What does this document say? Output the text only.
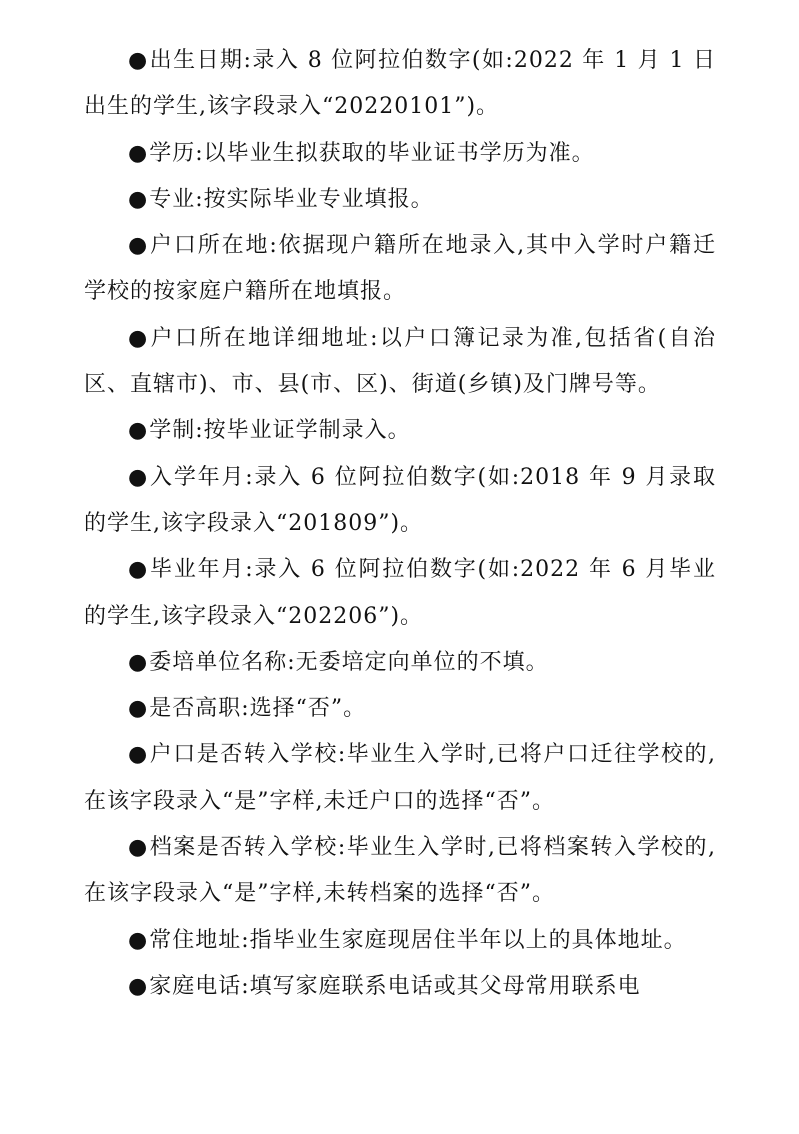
●出生日期:录入 8 位阿拉伯数字(如:2022 年 1 月 1 日出生的学生,该字段录入“20220101”)。

●学历:以毕业生拟获取的毕业证书学历为准。

●专业:按实际毕业专业填报。

●户口所在地:依据现户籍所在地录入,其中入学时户籍迁学校的按家庭户籍所在地填报。

●户口所在地详细地址:以户口簿记录为准,包括省(自治区、直辖市)、市、县(市、区)、街道(乡镇)及门牌号等。

●学制:按毕业证学制录入。

●入学年月:录入 6 位阿拉伯数字(如:2018 年 9 月录取的学生,该字段录入“201809”)。

●毕业年月:录入 6 位阿拉伯数字(如:2022 年 6 月毕业的学生,该字段录入“202206”)。

●委培单位名称:无委培定向单位的不填。

●是否高职:选择“否”。

●户口是否转入学校:毕业生入学时,已将户口迁往学校的,在该字段录入“是”字样,未迁户口的选择“否”。

●档案是否转入学校:毕业生入学时,已将档案转入学校的,在该字段录入“是”字样,未转档案的选择“否”。

●常住地址:指毕业生家庭现居住半年以上的具体地址。

●家庭电话:填写家庭联系电话或其父母常用联系电
